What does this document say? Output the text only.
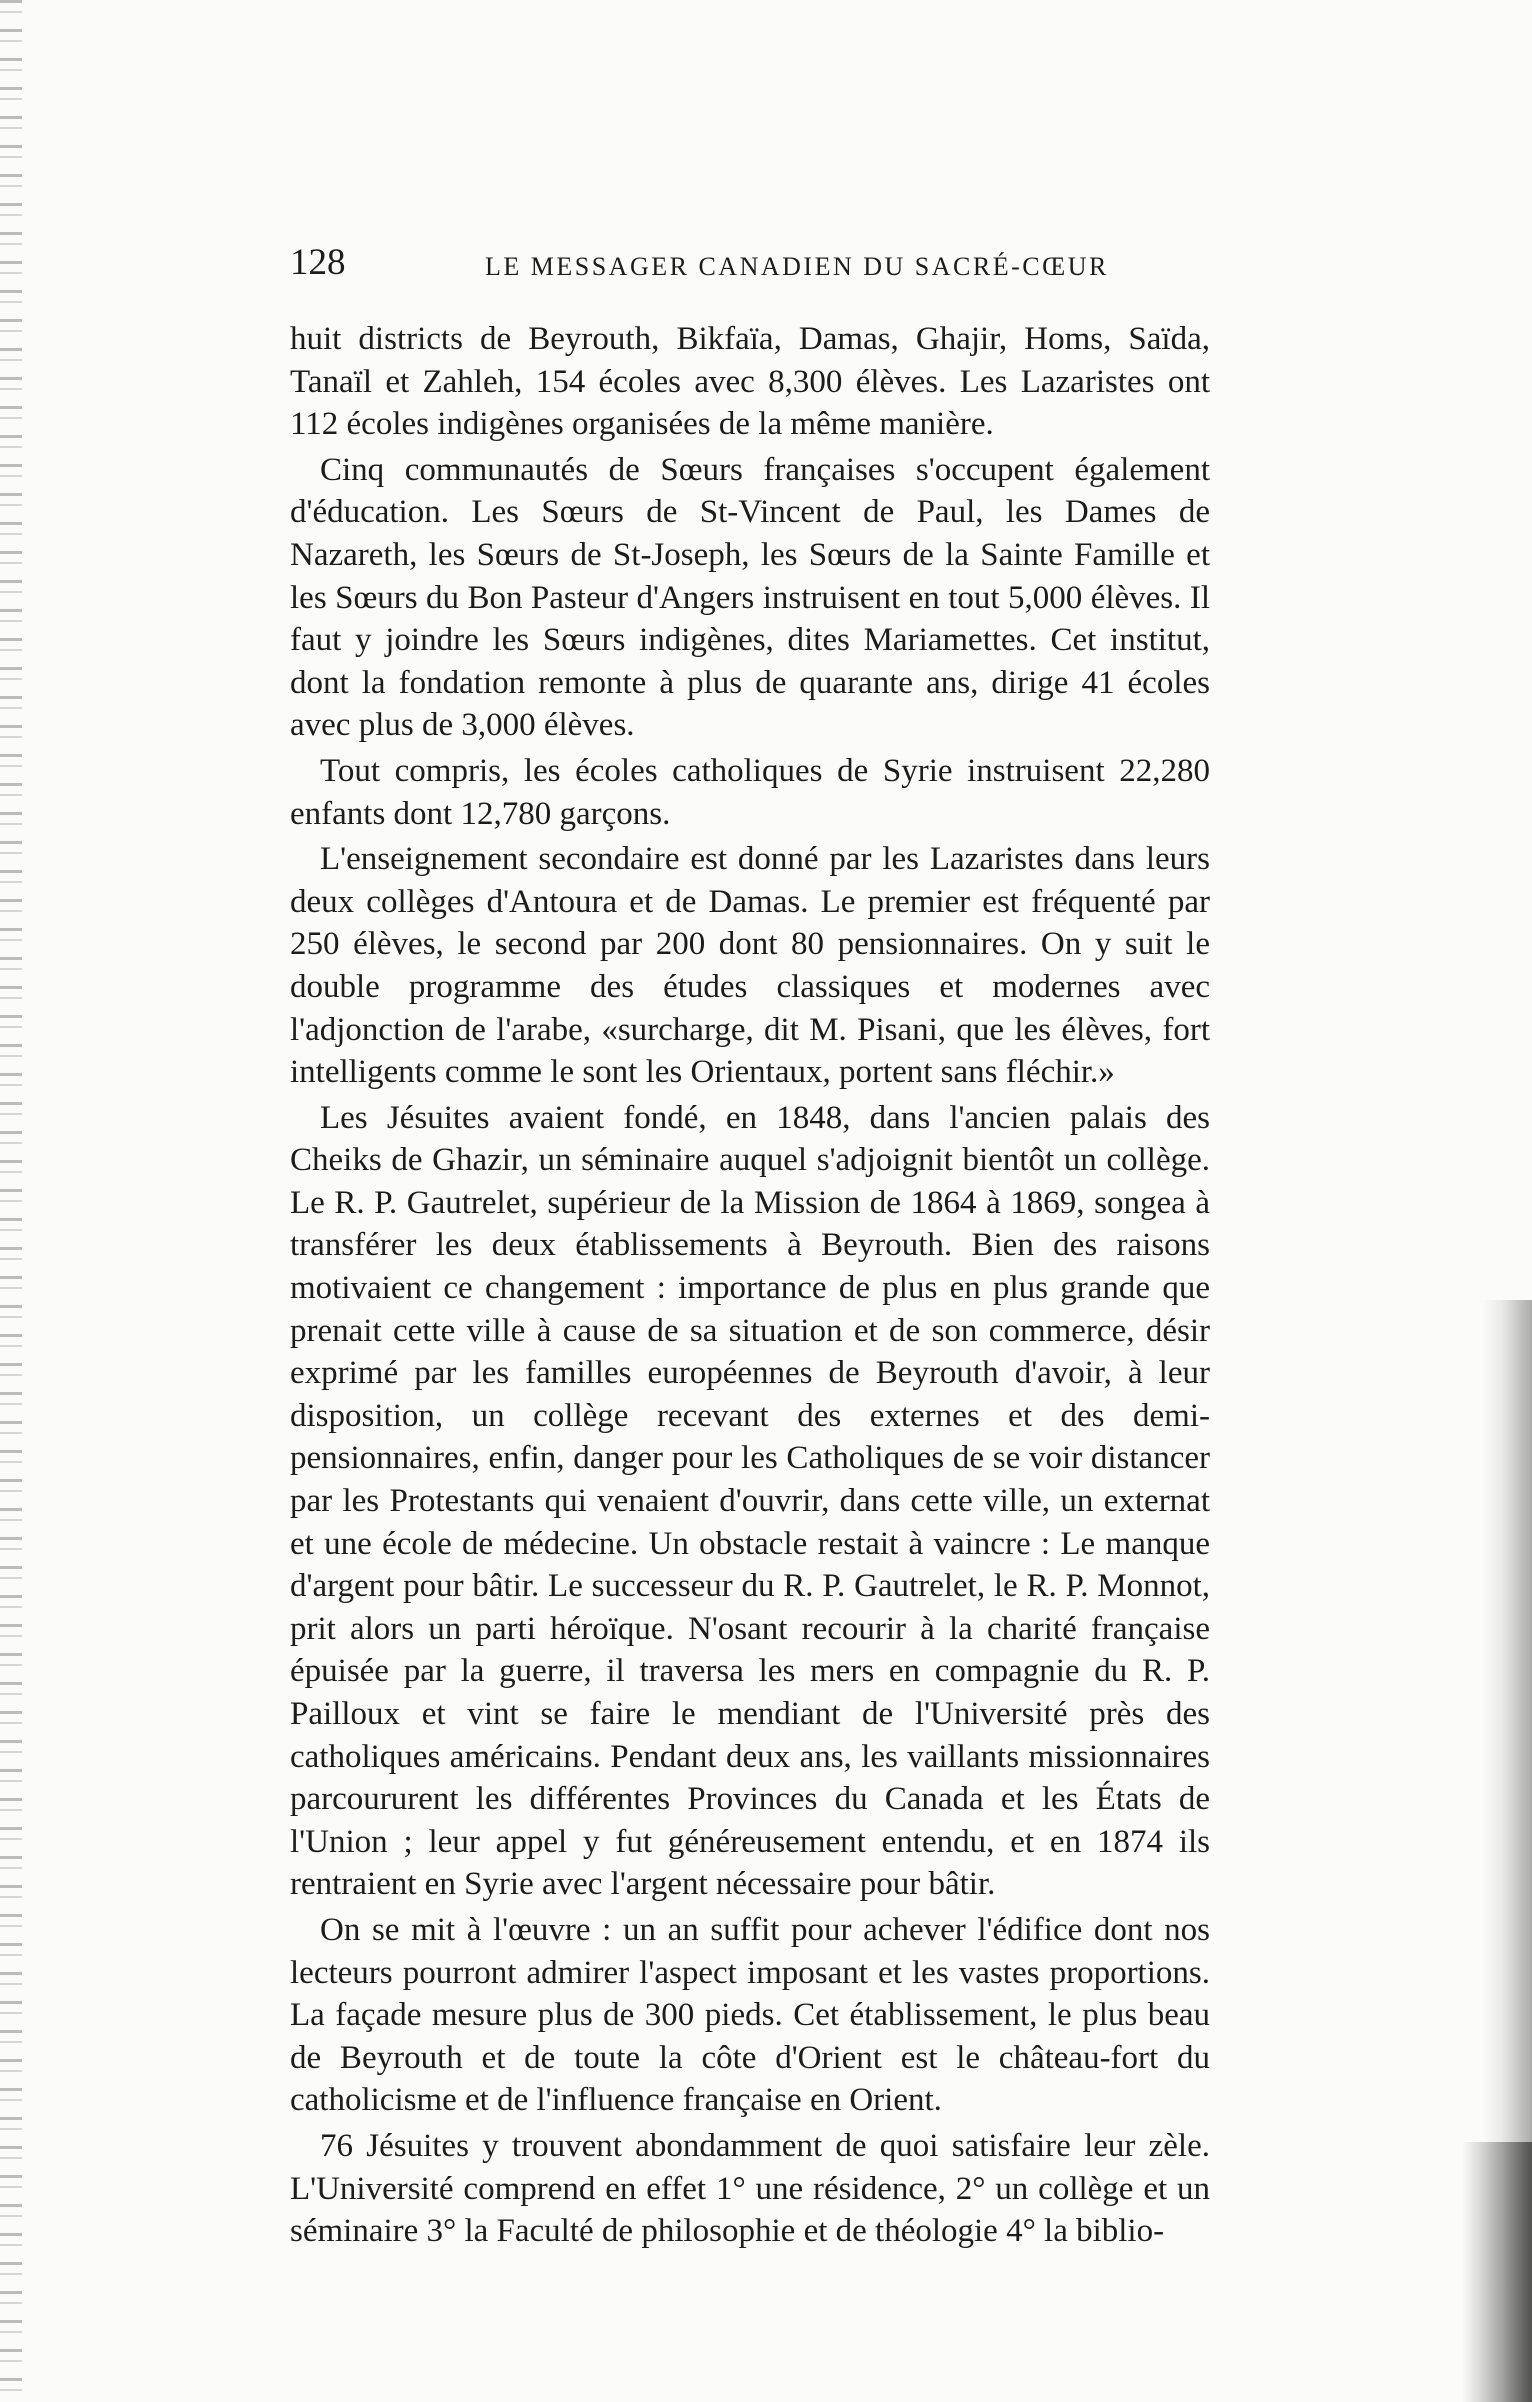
128	LE MESSAGER CANADIEN DU SACRÉ-CŒUR

huit districts de Beyrouth, Bikfaïa, Damas, Ghajir, Homs, Saïda, Tanaïl et Zahleh, 154 écoles avec 8,300 élèves. Les Lazaristes ont 112 écoles indigènes organisées de la même manière.

Cinq communautés de Sœurs françaises s'occupent également d'éducation. Les Sœurs de St-Vincent de Paul, les Dames de Nazareth, les Sœurs de St-Joseph, les Sœurs de la Sainte Famille et les Sœurs du Bon Pasteur d'Angers instruisent en tout 5,000 élèves. Il faut y joindre les Sœurs indigènes, dites Mariamettes. Cet institut, dont la fondation remonte à plus de quarante ans, dirige 41 écoles avec plus de 3,000 élèves.

Tout compris, les écoles catholiques de Syrie instruisent 22,280 enfants dont 12,780 garçons.

L'enseignement secondaire est donné par les Lazaristes dans leurs deux collèges d'Antoura et de Damas. Le premier est fréquenté par 250 élèves, le second par 200 dont 80 pensionnaires. On y suit le double programme des études classiques et modernes avec l'adjonction de l'arabe, «surcharge, dit M. Pisani, que les élèves, fort intelligents comme le sont les Orientaux, portent sans fléchir.»

Les Jésuites avaient fondé, en 1848, dans l'ancien palais des Cheiks de Ghazir, un séminaire auquel s'adjoignit bientôt un collège. Le R. P. Gautrelet, supérieur de la Mission de 1864 à 1869, songea à transférer les deux établissements à Beyrouth. Bien des raisons motivaient ce changement : importance de plus en plus grande que prenait cette ville à cause de sa situation et de son commerce, désir exprimé par les familles européennes de Beyrouth d'avoir, à leur disposition, un collège recevant des externes et des demi-pensionnaires, enfin, danger pour les Catholiques de se voir distancer par les Protestants qui venaient d'ouvrir, dans cette ville, un externat et une école de médecine. Un obstacle restait à vaincre : Le manque d'argent pour bâtir. Le successeur du R. P. Gautrelet, le R. P. Monnot, prit alors un parti héroïque. N'osant recourir à la charité française épuisée par la guerre, il traversa les mers en compagnie du R. P. Pailloux et vint se faire le mendiant de l'Université près des catholiques américains. Pendant deux ans, les vaillants missionnaires parcoururent les différentes Provinces du Canada et les États de l'Union ; leur appel y fut généreusement entendu, et en 1874 ils rentraient en Syrie avec l'argent nécessaire pour bâtir.

On se mit à l'œuvre : un an suffit pour achever l'édifice dont nos lecteurs pourront admirer l'aspect imposant et les vastes proportions. La façade mesure plus de 300 pieds. Cet établissement, le plus beau de Beyrouth et de toute la côte d'Orient est le château-fort du catholicisme et de l'influence française en Orient.

76 Jésuites y trouvent abondamment de quoi satisfaire leur zèle. L'Université comprend en effet 1° une résidence, 2° un collège et un séminaire 3° la Faculté de philosophie et de théologie 4° la biblio-
